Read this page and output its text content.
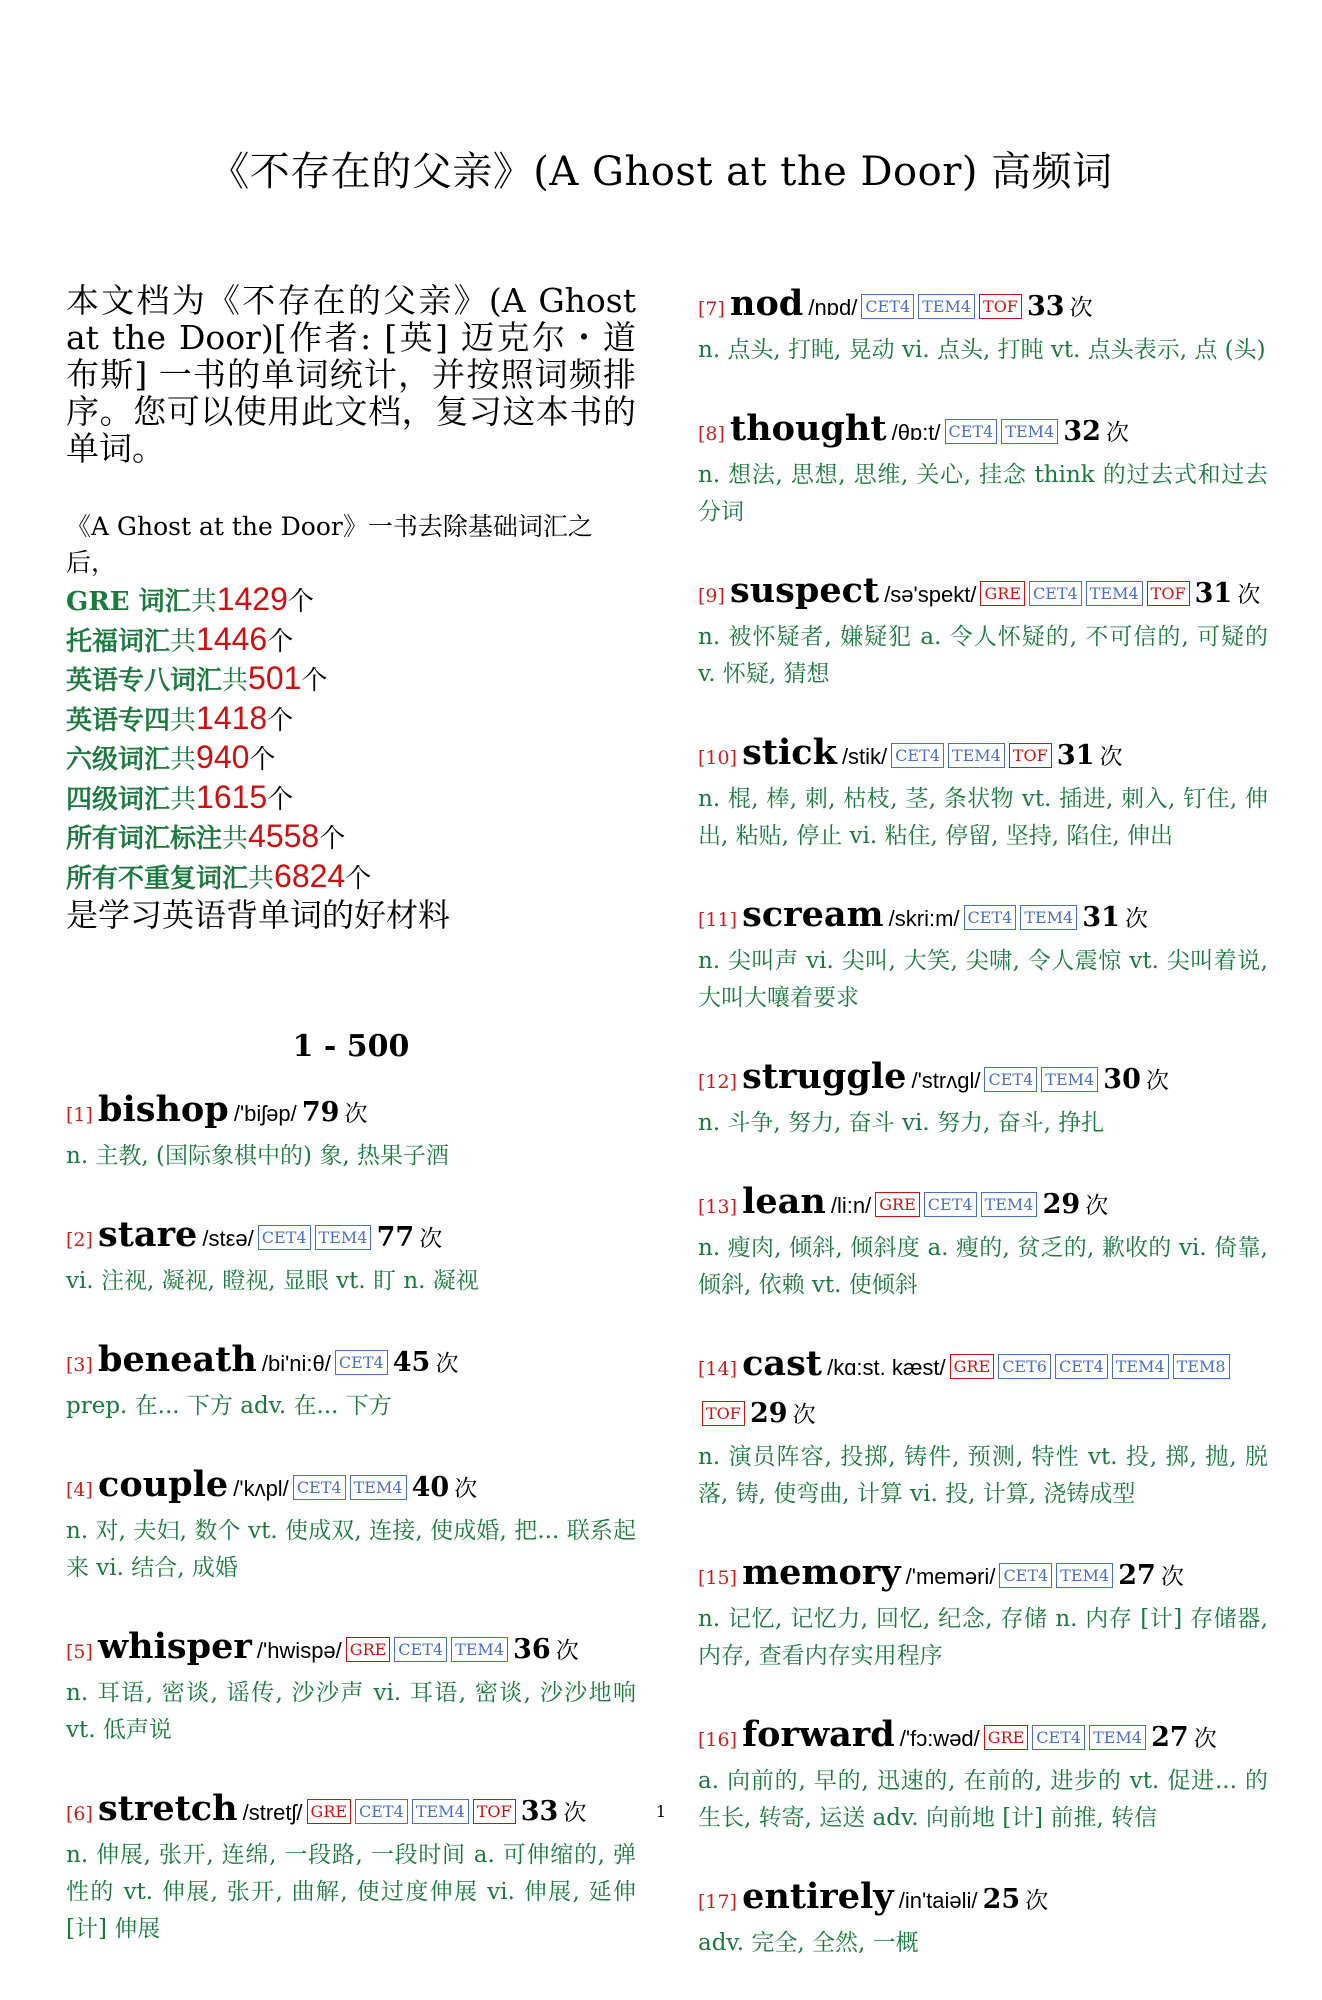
《不存在的父亲》(A Ghost at the Door) 高频词
本文档为《不存在的父亲》(A Ghost at the Door)[作者: [英] 迈克尔・道布斯] 一书的单词统计，并按照词频排序。您可以使用此文档，复习这本书的单词。
《A Ghost at the Door》一书去除基础词汇之后，
GRE 词汇共1429个
托福词汇共1446个
英语专八词汇共501个
英语专四共1418个
六级词汇共940个
四级词汇共1615个
所有词汇标注共4558个
所有不重复词汇共6824个
是学习英语背单词的好材料
1 - 500
[1] bishop /'biʃəp/ 79 次
n. 主教, (国际象棋中的) 象, 热果子酒
[2] stare /stεə/ CET4 TEM4 77 次
vi. 注视, 凝视, 瞪视, 显眼 vt. 盯 n. 凝视
[3] beneath /bi'ni:θ/ CET4 45 次
prep. 在... 下方 adv. 在... 下方
[4] couple /'kʌpl/ CET4 TEM4 40 次
n. 对, 夫妇, 数个 vt. 使成双, 连接, 使成婚, 把... 联系起来 vi. 结合, 成婚
[5] whisper /'hwispə/ GRE CET4 TEM4 36 次
n. 耳语, 密谈, 谣传, 沙沙声 vi. 耳语, 密谈, 沙沙地响 vt. 低声说
[6] stretch /stretʃ/ GRE CET4 TEM4 TOF 33 次
n. 伸展, 张开, 连绵, 一段路, 一段时间 a. 可伸缩的, 弹性的 vt. 伸展, 张开, 曲解, 使过度伸展 vi. 伸展, 延伸 [计] 伸展
[7] nod /nɒd/ CET4 TEM4 TOF 33 次
n. 点头, 打盹, 晃动 vi. 点头, 打盹 vt. 点头表示, 点 (头)
[8] thought /θɒ:t/ CET4 TEM4 32 次
n. 想法, 思想, 思维, 关心, 挂念 think 的过去式和过去分词
[9] suspect /sə'spekt/ GRE CET4 TEM4 TOF 31 次
n. 被怀疑者, 嫌疑犯 a. 令人怀疑的, 不可信的, 可疑的 v. 怀疑, 猜想
[10] stick /stik/ CET4 TEM4 TOF 31 次
n. 棍, 棒, 刺, 枯枝, 茎, 条状物 vt. 插进, 刺入, 钉住, 伸出, 粘贴, 停止 vi. 粘住, 停留, 坚持, 陷住, 伸出
[11] scream /skri:m/ CET4 TEM4 31 次
n. 尖叫声 vi. 尖叫, 大笑, 尖啸, 令人震惊 vt. 尖叫着说, 大叫大嚷着要求
[12] struggle /'strʌgl/ CET4 TEM4 30 次
n. 斗争, 努力, 奋斗 vi. 努力, 奋斗, 挣扎
[13] lean /li:n/ GRE CET4 TEM4 29 次
n. 瘦肉, 倾斜, 倾斜度 a. 瘦的, 贫乏的, 歉收的 vi. 倚靠, 倾斜, 依赖 vt. 使倾斜
[14] cast /kɑ:st. kæst/ GRE CET6 CET4 TEM4 TEM8TOF 29 次
n. 演员阵容, 投掷, 铸件, 预测, 特性 vt. 投, 掷, 抛, 脱落, 铸, 使弯曲, 计算 vi. 投, 计算, 浇铸成型
[15] memory /'meməri/ CET4 TEM4 27 次
n. 记忆, 记忆力, 回忆, 纪念, 存储 n. 内存 [计] 存储器, 内存, 查看内存实用程序
[16] forward /'fɔ:wəd/ GRE CET4 TEM4 27 次
a. 向前的, 早的, 迅速的, 在前的, 进步的 vt. 促进... 的生长, 转寄, 运送 adv. 向前地 [计] 前推, 转信
[17] entirely /in'taiəli/ 25 次
adv. 完全, 全然, 一概
1
